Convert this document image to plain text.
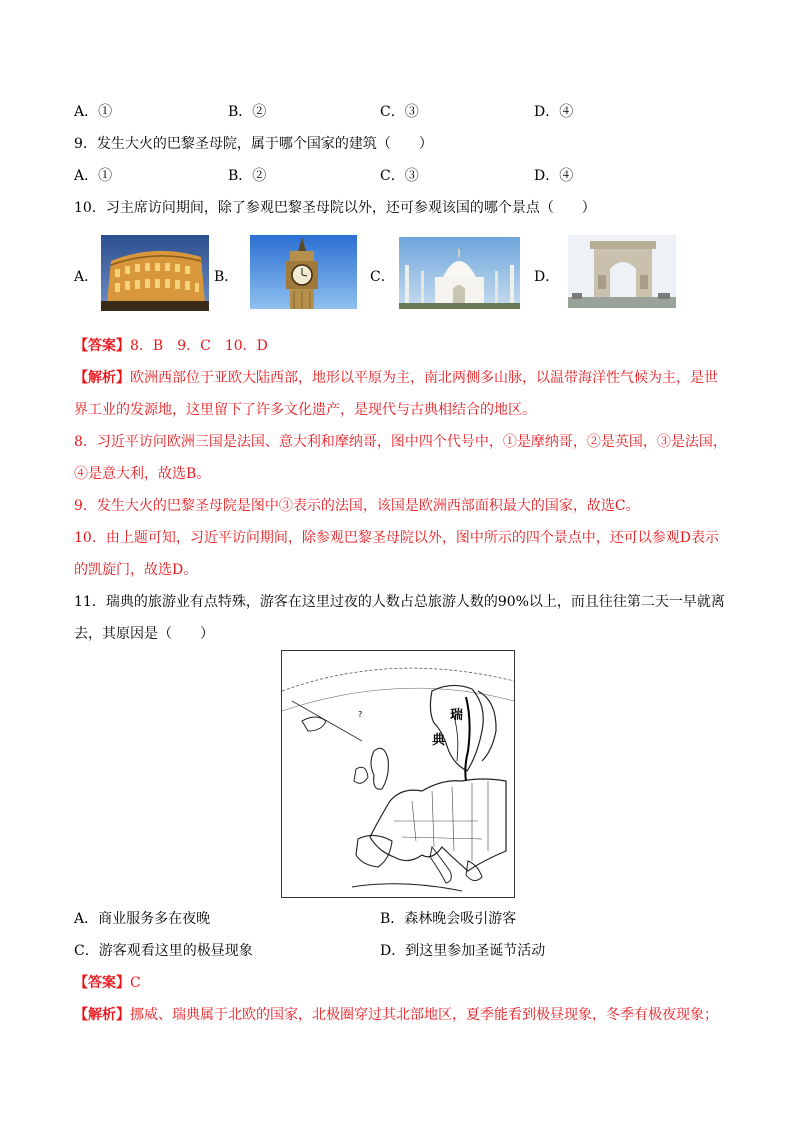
A．①	B．②	C．③	D．④
9．发生大火的巴黎圣母院，属于哪个国家的建筑（　　）
A．①	B．②	C．③	D．④
10．习主席访问期间，除了参观巴黎圣母院以外，还可参观该国的哪个景点（　　）
A．	B．	C．	D．
【答案】8．B　9．C　10．D
【解析】欧洲西部位于亚欧大陆西部，地形以平原为主，南北两侧多山脉，以温带海洋性气候为主，是世
界工业的发源地，这里留下了许多文化遗产，是现代与古典相结合的地区。
8．习近平访问欧洲三国是法国、意大利和摩纳哥，图中四个代号中，①是摩纳哥，②是英国，③是法国，
④是意大利，故选B。
9．发生大火的巴黎圣母院是图中③表示的法国，该国是欧洲西部面积最大的国家，故选C。
10．由上题可知，习近平访问期间，除参观巴黎圣母院以外，图中所示的四个景点中，还可以参观D表示
的凯旋门，故选D。
11．瑞典的旅游业有点特殊，游客在这里过夜的人数占总旅游人数的90%以上，而且往往第二天一早就离
去，其原因是（　　）
?	瑞
典
A．商业服务多在夜晚	B．森林晚会吸引游客
C．游客观看这里的极昼现象	D．到这里参加圣诞节活动
【答案】C
【解析】挪威、瑞典属于北欧的国家，北极圈穿过其北部地区，夏季能看到极昼现象，冬季有极夜现象；
